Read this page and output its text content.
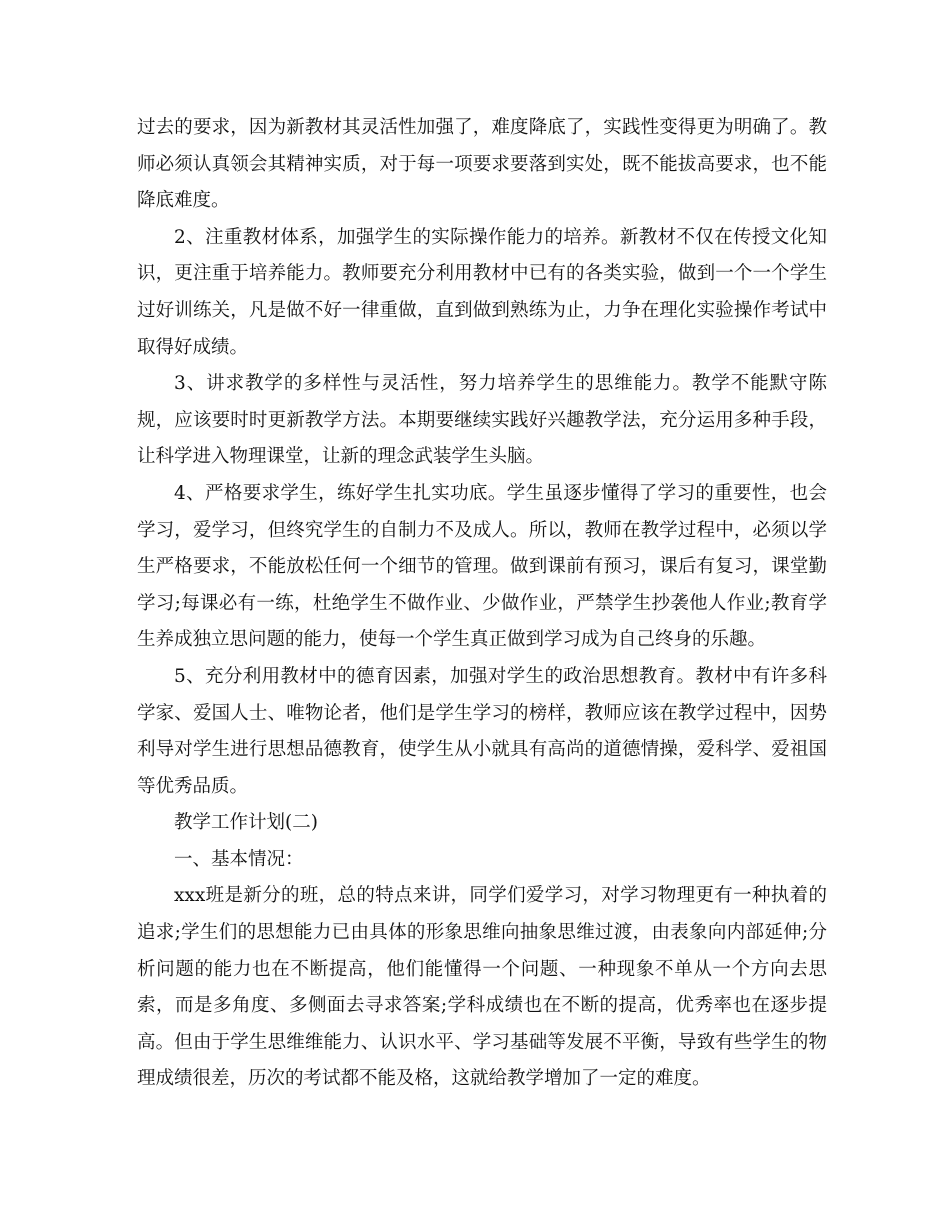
过去的要求，因为新教材其灵活性加强了，难度降底了，实践性变得更为明确了。教师必须认真领会其精神实质，对于每一项要求要落到实处，既不能拔高要求，也不能降底难度。

2、注重教材体系，加强学生的实际操作能力的培养。新教材不仅在传授文化知识，更注重于培养能力。教师要充分利用教材中已有的各类实验，做到一个一个学生过好训练关，凡是做不好一律重做，直到做到熟练为止，力争在理化实验操作考试中取得好成绩。

3、讲求教学的多样性与灵活性，努力培养学生的思维能力。教学不能默守陈规，应该要时时更新教学方法。本期要继续实践好兴趣教学法，充分运用多种手段，让科学进入物理课堂，让新的理念武装学生头脑。

4、严格要求学生，练好学生扎实功底。学生虽逐步懂得了学习的重要性，也会学习，爱学习，但终究学生的自制力不及成人。所以，教师在教学过程中，必须以学生严格要求，不能放松任何一个细节的管理。做到课前有预习，课后有复习，课堂勤学习;每课必有一练，杜绝学生不做作业、少做作业，严禁学生抄袭他人作业;教育学生养成独立思问题的能力，使每一个学生真正做到学习成为自己终身的乐趣。

5、充分利用教材中的德育因素，加强对学生的政治思想教育。教材中有许多科学家、爱国人士、唯物论者，他们是学生学习的榜样，教师应该在教学过程中，因势利导对学生进行思想品德教育，使学生从小就具有高尚的道德情操，爱科学、爱祖国等优秀品质。

教学工作计划(二)

一、基本情况：

xxx班是新分的班，总的特点来讲，同学们爱学习，对学习物理更有一种执着的追求;学生们的思想能力已由具体的形象思维向抽象思维过渡，由表象向内部延伸;分析问题的能力也在不断提高，他们能懂得一个问题、一种现象不单从一个方向去思索，而是多角度、多侧面去寻求答案;学科成绩也在不断的提高，优秀率也在逐步提高。但由于学生思维维能力、认识水平、学习基础等发展不平衡，导致有些学生的物理成绩很差，历次的考试都不能及格，这就给教学增加了一定的难度。
